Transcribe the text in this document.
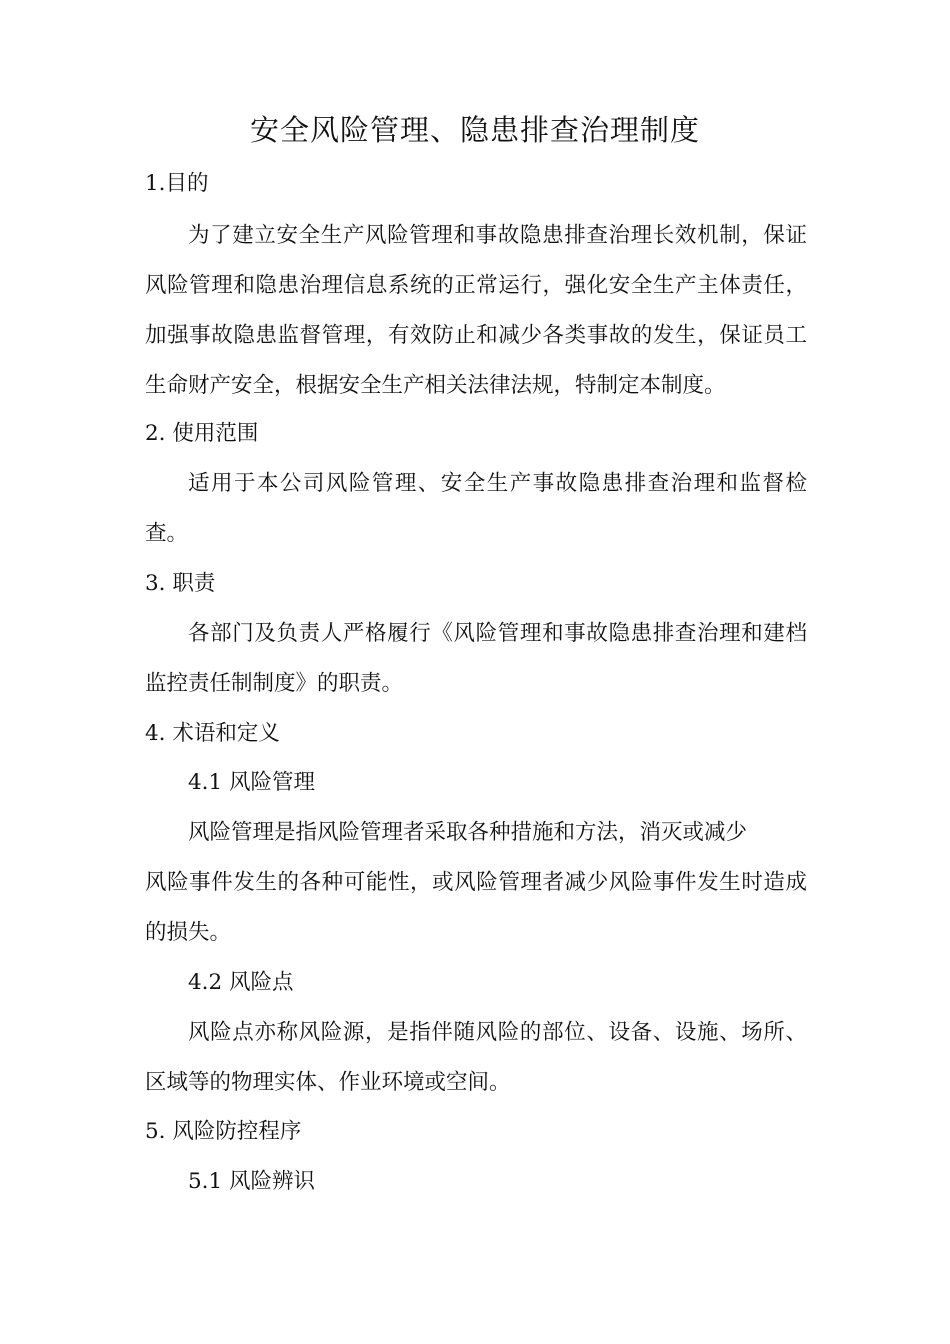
安全风险管理、隐患排查治理制度
1.目的
为了建立安全生产风险管理和事故隐患排查治理长效机制，保证
风险管理和隐患治理信息系统的正常运行，强化安全生产主体责任，
加强事故隐患监督管理，有效防止和减少各类事故的发生，保证员工
生命财产安全，根据安全生产相关法律法规，特制定本制度。
2. 使用范围
适用于本公司风险管理、安全生产事故隐患排查治理和监督检
查。
3. 职责
各部门及负责人严格履行《风险管理和事故隐患排查治理和建档
监控责任制制度》的职责。
4. 术语和定义
4.1 风险管理
风险管理是指风险管理者采取各种措施和方法，消灭或减少
风险事件发生的各种可能性，或风险管理者减少风险事件发生时造成
的损失。
4.2 风险点
风险点亦称风险源，是指伴随风险的部位、设备、设施、场所、
区域等的物理实体、作业环境或空间。
5. 风险防控程序
5.1 风险辨识
